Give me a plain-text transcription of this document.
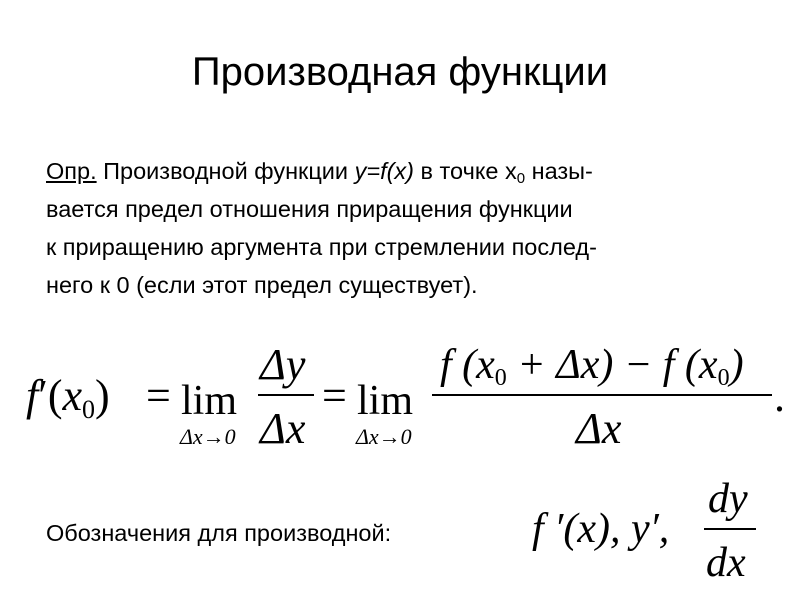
Производная функции
Опр. Производной функции y=f(x) в точке $x_0$ назы-
вается предел отношения приращения функции
к приращению аргумента при стремлении послед-
него к 0 (если этот предел существует).
$f'(x_0) = \lim$
Δx→0
Δy
Δx
= lim
Δx→0
f $(x_0 + \Delta x) - f$ $(x_0)$
Δx
.
Обозначения для производной:	f ′(x), y′,
dy
dx
